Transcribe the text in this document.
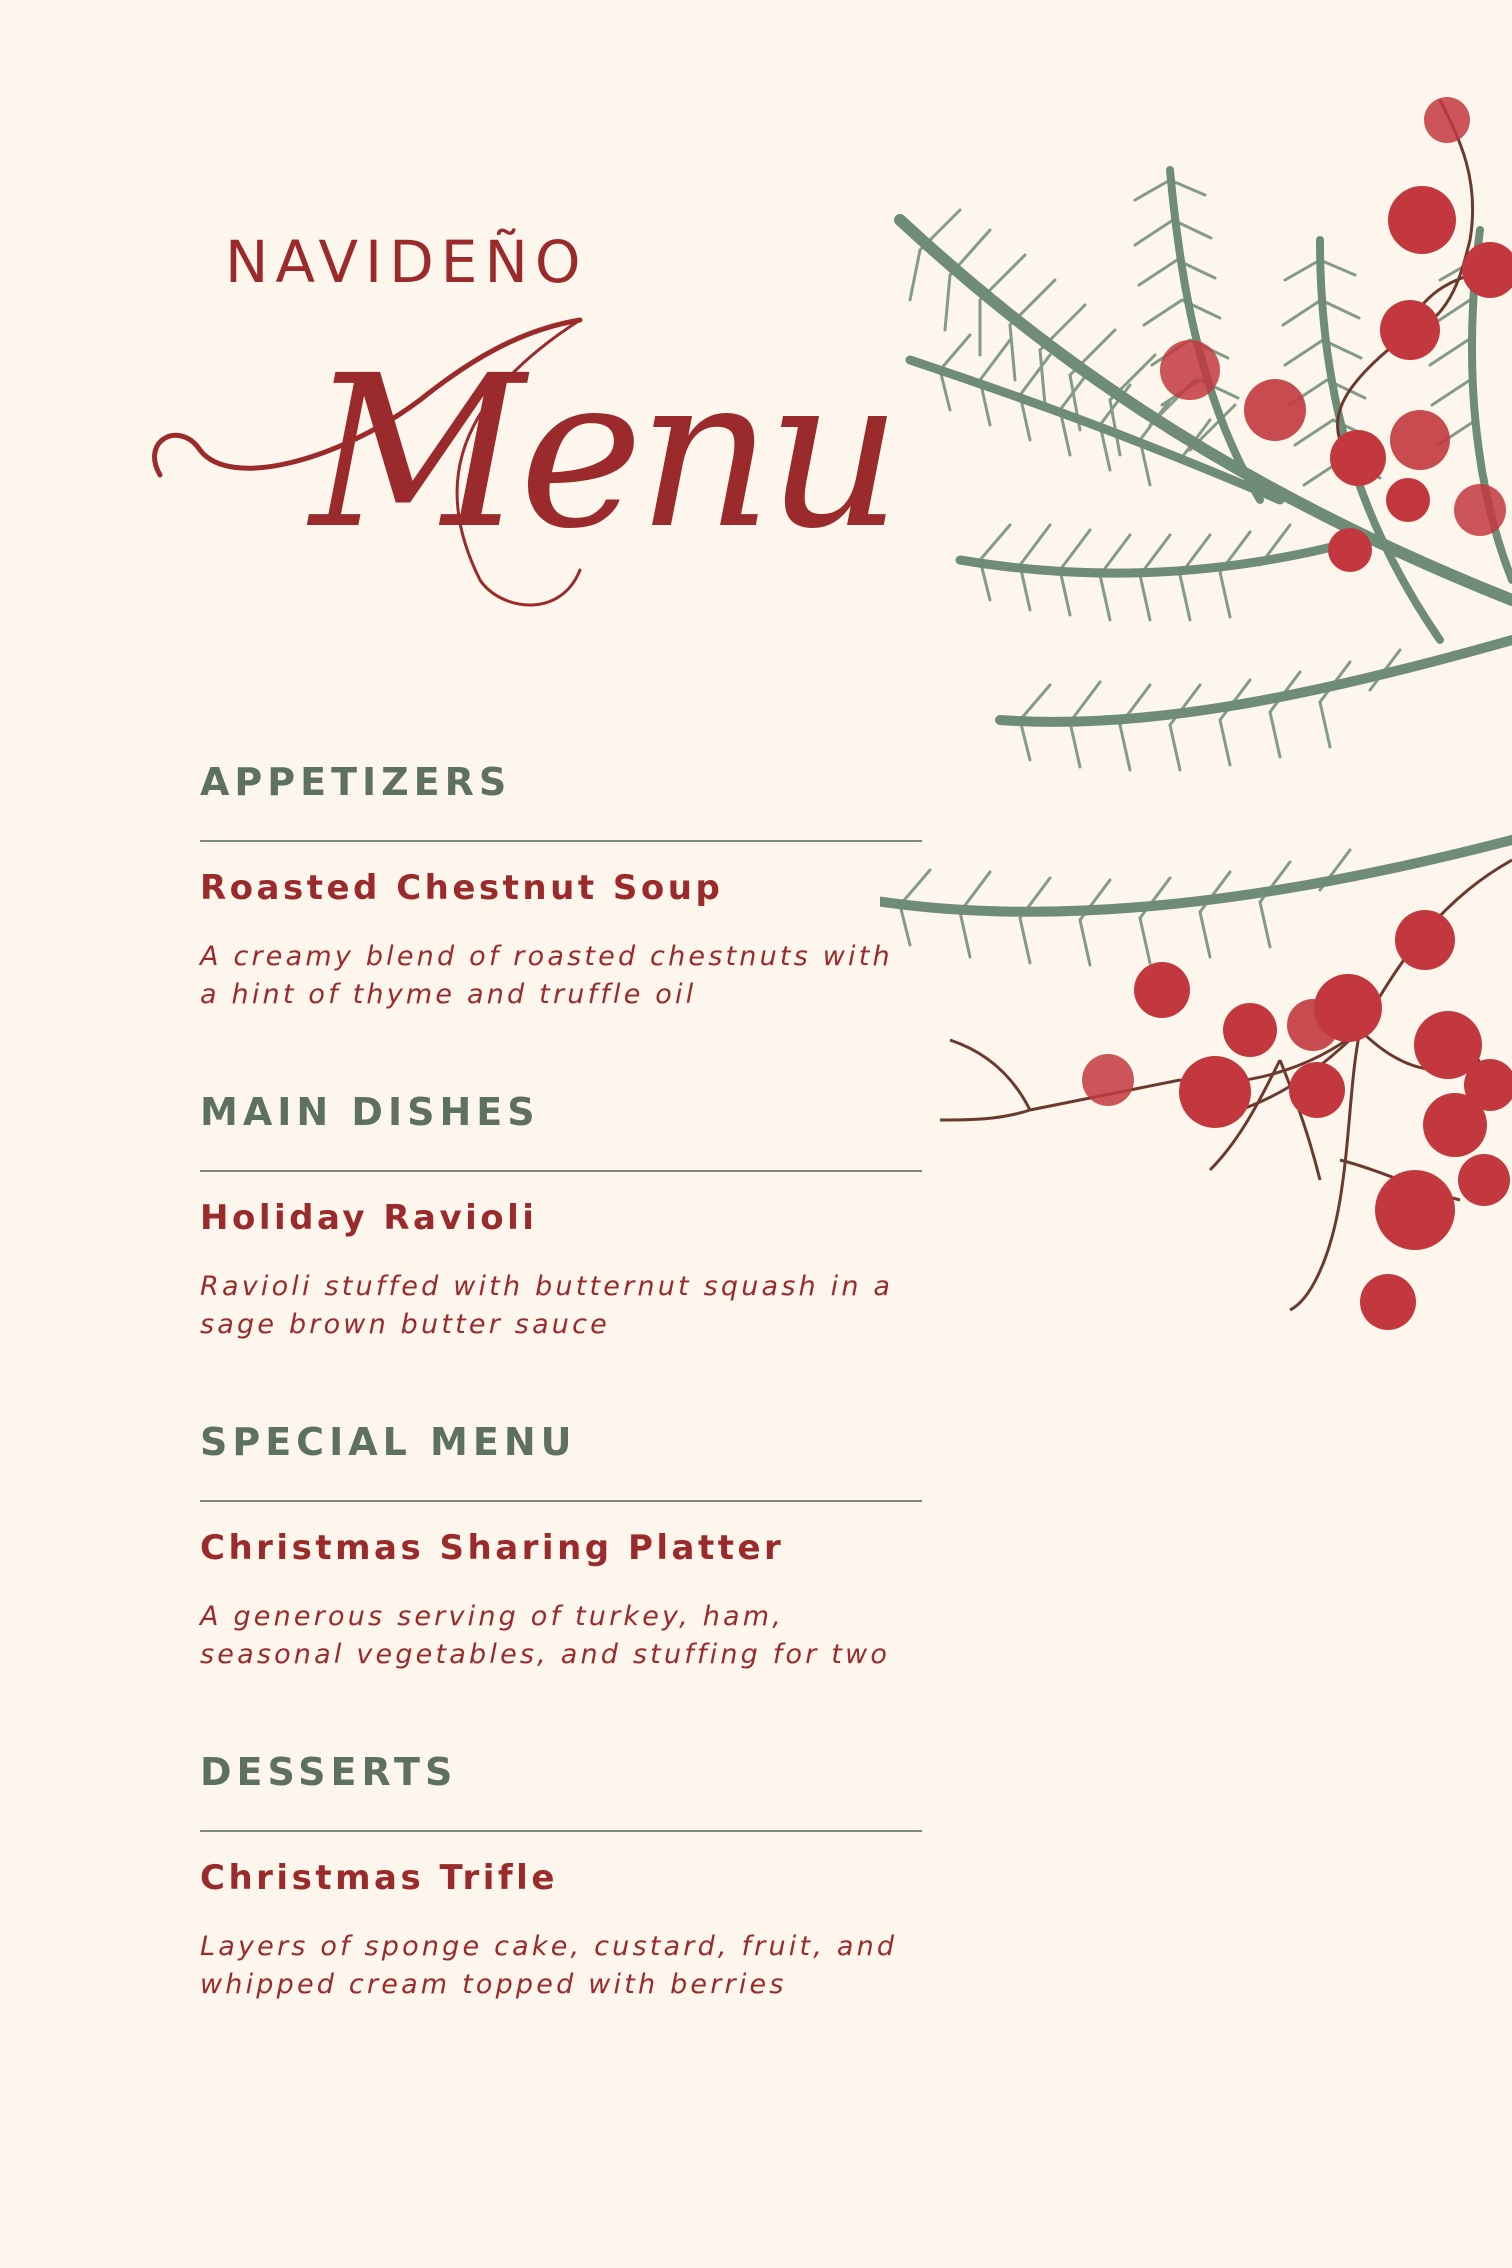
NAVIDEÑO
Menu
APPETIZERS
Roasted Chestnut Soup
A creamy blend of roasted chestnuts with
a hint of thyme and truffle oil
MAIN DISHES
Holiday Ravioli
Ravioli stuffed with butternut squash in a
sage brown butter sauce
SPECIAL MENU
Christmas Sharing Platter
A generous serving of turkey, ham,
seasonal vegetables, and stuffing for two
DESSERTS
Christmas Trifle
Layers of sponge cake, custard, fruit, and
whipped cream topped with berries
